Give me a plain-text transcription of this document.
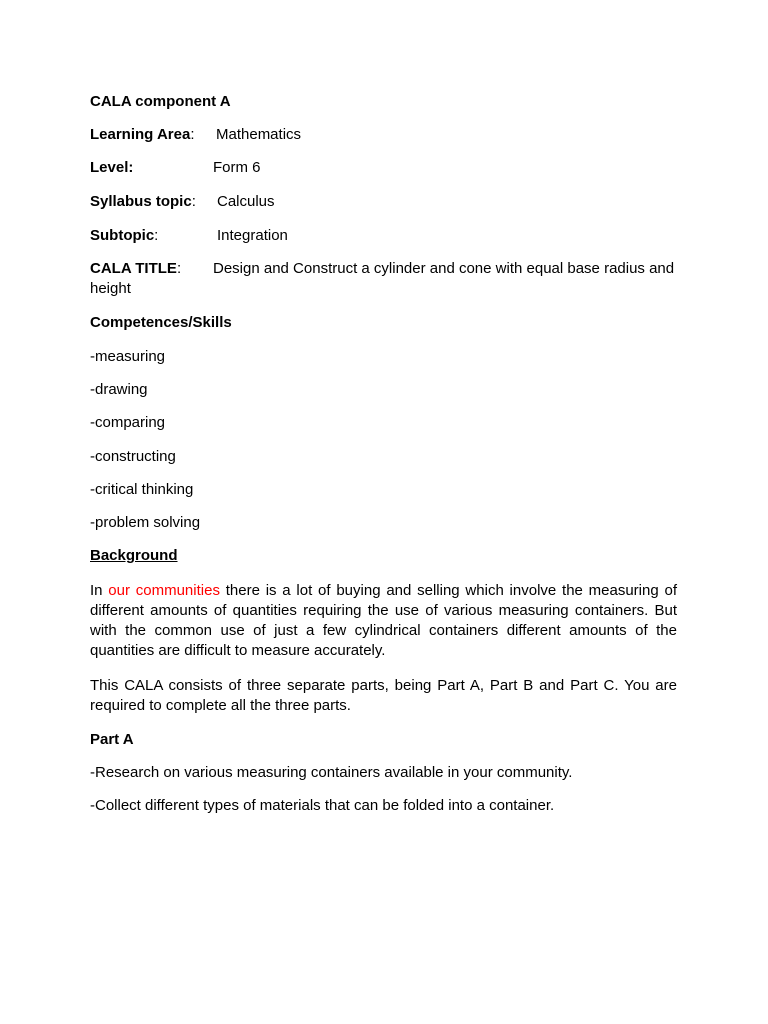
CALA component A
Learning Area: Mathematics
Level:	Form 6
Syllabus topic: Calculus
Subtopic:	Integration
CALA TITLE: Design and Construct a cylinder and cone with equal base radius and
height
Competences/Skills
-measuring
-drawing
-comparing
-constructing
-critical thinking
-problem solving
Background
In our communities there is a lot of buying and selling which involve the measuring of different amounts of quantities requiring the use of various measuring containers. But with the common use of just a few cylindrical containers different amounts of the quantities are difficult to measure accurately.
This CALA consists of three separate parts, being Part A, Part B and Part C. You are required to complete all the three parts.
Part A
-Research on various measuring containers available in your community.
-Collect different types of materials that can be folded into a container.
